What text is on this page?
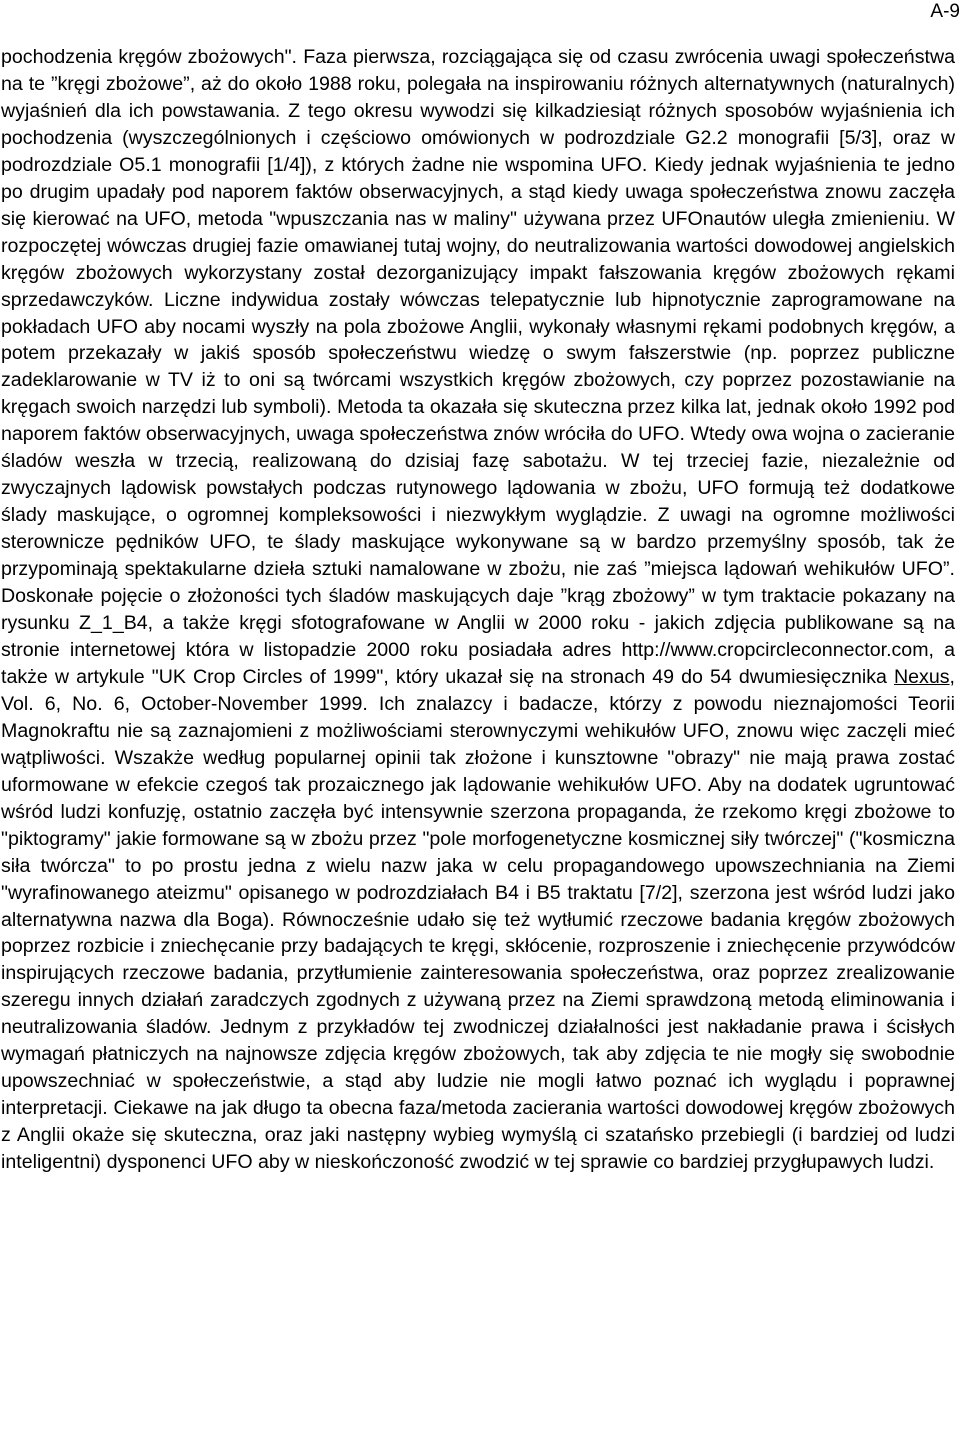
A-9

pochodzenia kręgów zbożowych". Faza pierwsza, rozciągająca się od czasu zwrócenia uwagi społeczeństwa na te ”kręgi zbożowe”, aż do około 1988 roku, polegała na inspirowaniu różnych alternatywnych (naturalnych) wyjaśnień dla ich powstawania. Z tego okresu wywodzi się kilkadziesiąt różnych sposobów wyjaśnienia ich pochodzenia (wyszczególnionych i częściowo omówionych w podrozdziale G2.2 monografii [5/3], oraz w podrozdziale O5.1 monografii [1/4]), z których żadne nie wspomina UFO. Kiedy jednak wyjaśnienia te jedno po drugim upadały pod naporem faktów obserwacyjnych, a stąd kiedy uwaga społeczeństwa znowu zaczęła się kierować na UFO, metoda "wpuszczania nas w maliny" używana przez UFOnautów uległa zmienieniu. W rozpoczętej wówczas drugiej fazie omawianej tutaj wojny, do neutralizowania wartości dowodowej angielskich kręgów zbożowych wykorzystany został dezorganizujący impakt fałszowania kręgów zbożowych rękami sprzedawczyków. Liczne indywidua zostały wówczas telepatycznie lub hipnotycznie zaprogramowane na pokładach UFO aby nocami wyszły na pola zbożowe Anglii, wykonały własnymi rękami podobnych kręgów, a potem przekazały w jakiś sposób społeczeństwu wiedzę o swym fałszerstwie (np. poprzez publiczne zadeklarowanie w TV iż to oni są twórcami wszystkich kręgów zbożowych, czy poprzez pozostawianie na kręgach swoich narzędzi lub symboli). Metoda ta okazała się skuteczna przez kilka lat, jednak około 1992 pod naporem faktów obserwacyjnych, uwaga społeczeństwa znów wróciła do UFO. Wtedy owa wojna o zacieranie śladów weszła w trzecią, realizowaną do dzisiaj fazę sabotażu. W tej trzeciej fazie, niezależnie od zwyczajnych lądowisk powstałych podczas rutynowego lądowania w zbożu, UFO formują też dodatkowe ślady maskujące, o ogromnej kompleksowości i niezwykłym wyglądzie. Z uwagi na ogromne możliwości sterownicze pędników UFO, te ślady maskujące wykonywane są w bardzo przemyślny sposób, tak że przypominają spektakularne dzieła sztuki namalowane w zbożu, nie zaś ”miejsca lądowań wehikułów UFO”. Doskonałe pojęcie o złożoności tych śladów maskujących daje ”krąg zbożowy” w tym traktacie pokazany na rysunku Z_1_B4, a także kręgi sfotografowane w Anglii w 2000 roku - jakich zdjęcia publikowane są na stronie internetowej która w listopadzie 2000 roku posiadała adres http://www.cropcircleconnector.com, a także w artykule "UK Crop Circles of 1999", który ukazał się na stronach 49 do 54 dwumiesięcznika Nexus, Vol. 6, No. 6, October-November 1999. Ich znalazcy i badacze, którzy z powodu nieznajomości Teorii Magnokraftu nie są zaznajomieni z możliwościami sterownyczymi wehikułów UFO, znowu więc zaczęli mieć wątpliwości. Wszakże według popularnej opinii tak złożone i kunsztowne "obrazy" nie mają prawa zostać uformowane w efekcie czegoś tak prozaicznego jak lądowanie wehikułów UFO. Aby na dodatek ugruntować wśród ludzi konfuzję, ostatnio zaczęła być intensywnie szerzona propaganda, że rzekomo kręgi zbożowe to "piktogramy" jakie formowane są w zbożu przez "pole morfogenetyczne kosmicznej siły twórczej" ("kosmiczna siła twórcza" to po prostu jedna z wielu nazw jaka w celu propagandowego upowszechniania na Ziemi "wyrafinowanego ateizmu" opisanego w podrozdziałach B4 i B5 traktatu [7/2], szerzona jest wśród ludzi jako alternatywna nazwa dla Boga). Równocześnie udało się też wytłumić rzeczowe badania kręgów zbożowych poprzez rozbicie i zniechęcanie przy badających te kręgi, skłócenie, rozproszenie i zniechęcenie przywódców inspirujących rzeczowe badania, przytłumienie zainteresowania społeczeństwa, oraz poprzez zrealizowanie szeregu innych działań zaradczych zgodnych z używaną przez na Ziemi sprawdzoną metodą eliminowania i neutralizowania śladów. Jednym z przykładów tej zwodniczej działalności jest nakładanie prawa i ścisłych wymagań płatniczych na najnowsze zdjęcia kręgów zbożowych, tak aby zdjęcia te nie mogły się swobodnie upowszechniać w społeczeństwie, a stąd aby ludzie nie mogli łatwo poznać ich wyglądu i poprawnej interpretacji. Ciekawe na jak długo ta obecna faza/metoda zacierania wartości dowodowej kręgów zbożowych z Anglii okaże się skuteczna, oraz jaki następny wybieg wymyślą ci szatańsko przebiegli (i bardziej od ludzi inteligentni) dysponenci UFO aby w nieskończoność zwodzić w tej sprawie co bardziej przygłupawych ludzi.
